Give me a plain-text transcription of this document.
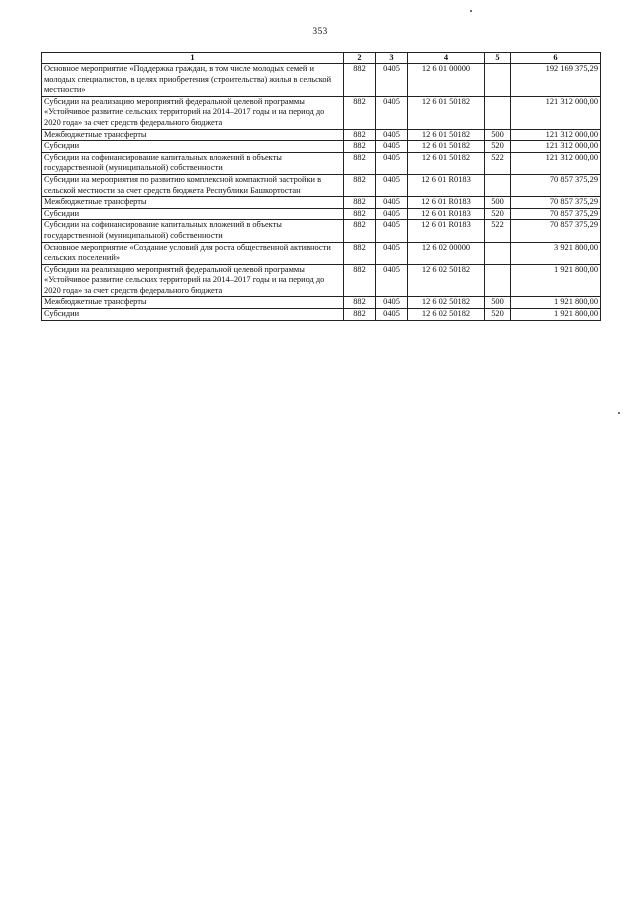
353
1	2	3	4	5	6
Основное мероприятие «Поддержка граждан, в том числе молодых семей и молодых специалистов, в целях приобретения (строительства) жилья в сельской местности»	882	0405	12 6 01 00000		192 169 375,29
Субсидии на реализацию мероприятий федеральной целевой программы «Устойчивое развитие сельских территорий на 2014–2017 годы и на период до 2020 года» за счет средств федерального бюджета	882	0405	12 6 01 50182		121 312 000,00
Межбюджетные трансферты	882	0405	12 6 01 50182	500	121 312 000,00
Субсидии	882	0405	12 6 01 50182	520	121 312 000,00
Субсидии на софинансирование капитальных вложений в объекты государственной (муниципальной) собственности	882	0405	12 6 01 50182	522	121 312 000,00
Субсидии на мероприятия по развитию комплексной компактной застройки в сельской местности за счет средств бюджета Республики Башкортостан	882	0405	12 6 01 R0183		70 857 375,29
Межбюджетные трансферты	882	0405	12 6 01 R0183	500	70 857 375,29
Субсидии	882	0405	12 6 01 R0183	520	70 857 375,29
Субсидии на софинансирование капитальных вложений в объекты государственной (муниципальной) собственности	882	0405	12 6 01 R0183	522	70 857 375,29
Основное мероприятие «Создание условий для роста общественной активности сельских поселений»	882	0405	12 6 02 00000		3 921 800,00
Субсидии на реализацию мероприятий федеральной целевой программы «Устойчивое развитие сельских территорий на 2014–2017 годы и на период до 2020 года» за счет средств федерального бюджета	882	0405	12 6 02 50182		1 921 800,00
Межбюджетные трансферты	882	0405	12 6 02 50182	500	1 921 800,00
Субсидии	882	0405	12 6 02 50182	520	1 921 800,00
